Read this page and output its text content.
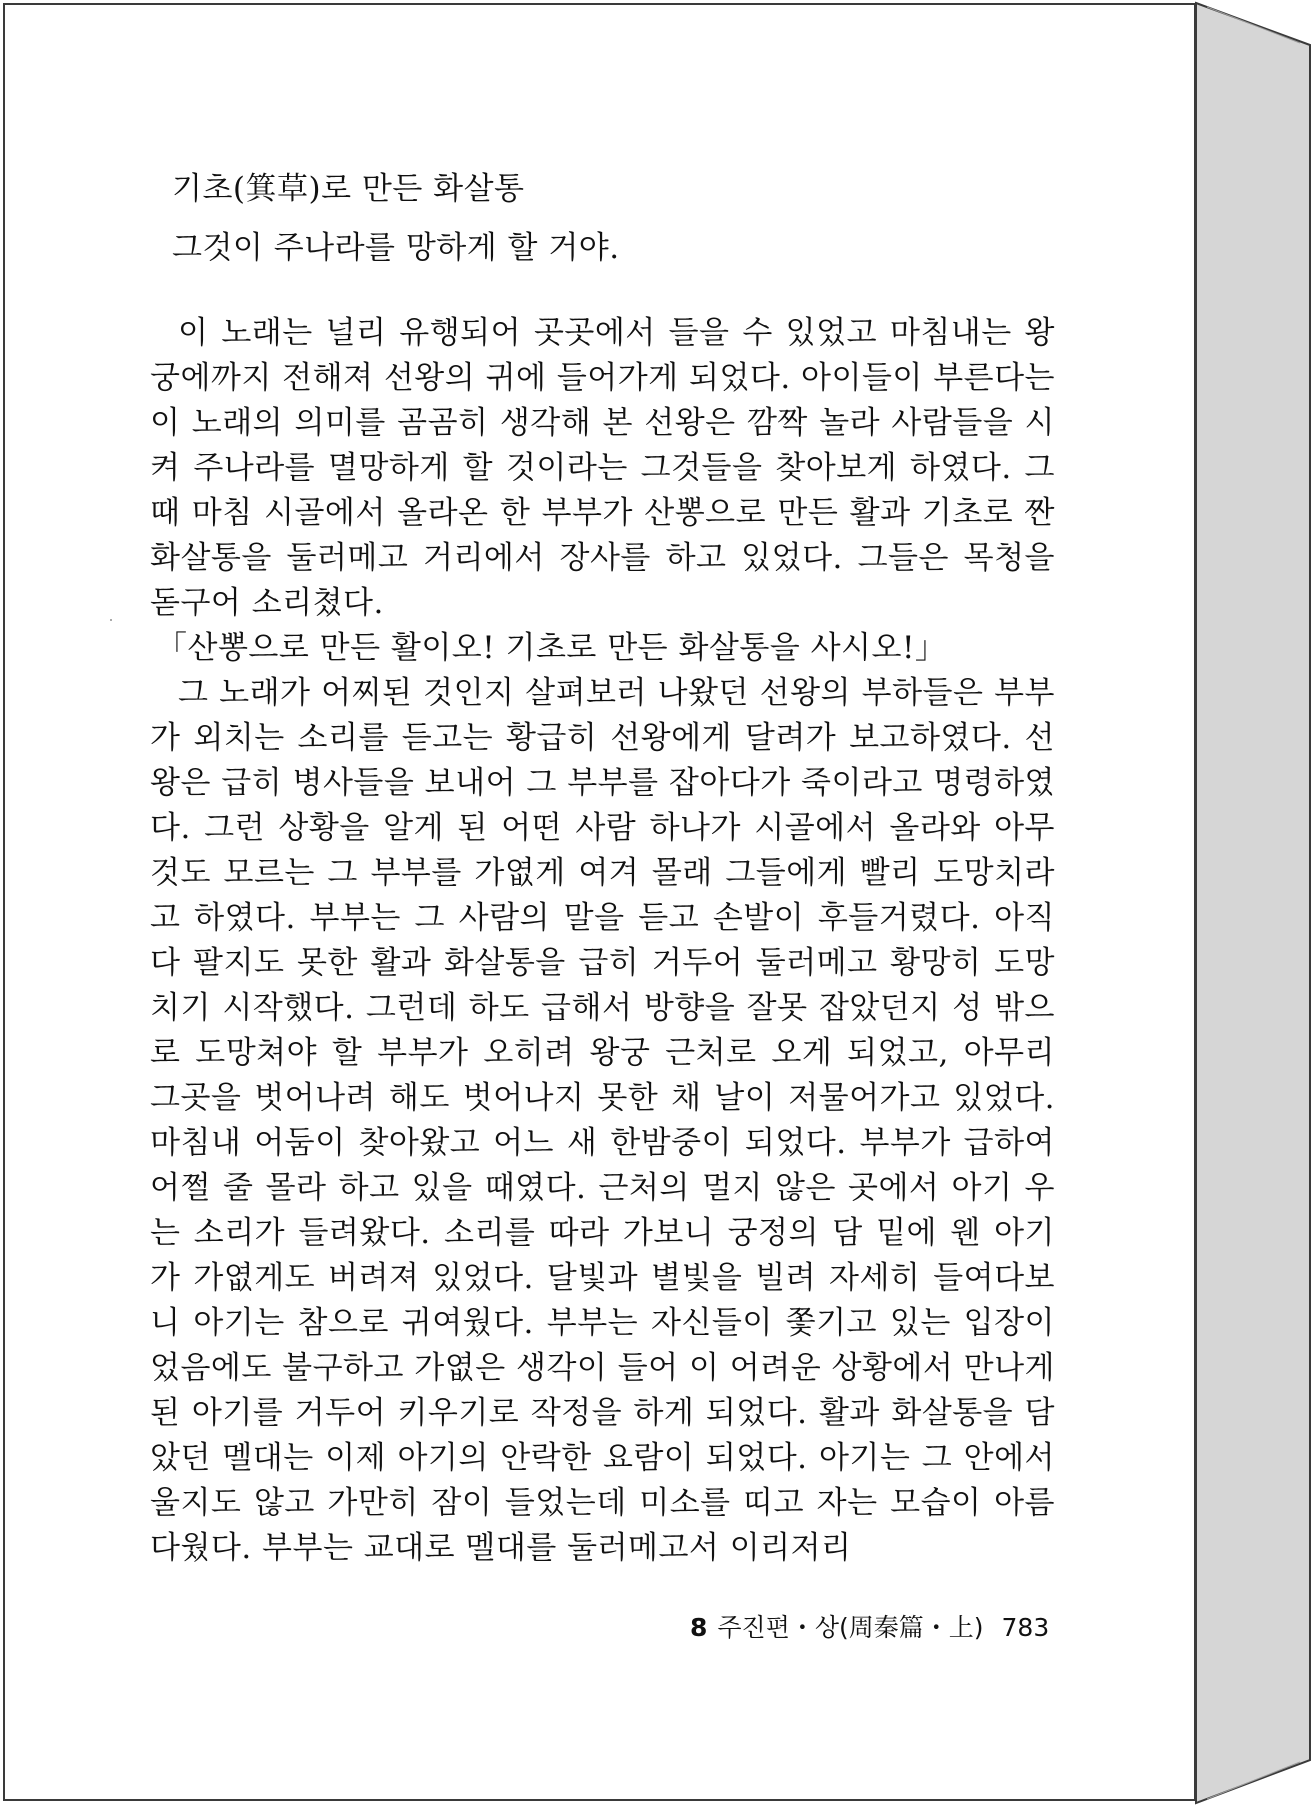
기초(箕草)로 만든 화살통
그것이 주나라를 망하게 할 거야.

이 노래는 널리 유행되어 곳곳에서 들을 수 있었고 마침내는 왕궁에까지 전해져 선왕의 귀에 들어가게 되었다. 아이들이 부른다는 이 노래의 의미를 곰곰히 생각해 본 선왕은 깜짝 놀라 사람들을 시켜 주나라를 멸망하게 할 것이라는 그것들을 찾아보게 하였다. 그때 마침 시골에서 올라온 한 부부가 산뽕으로 만든 활과 기초로 짠 화살통을 둘러메고 거리에서 장사를 하고 있었다. 그들은 목청을 돋구어 소리쳤다.

「산뽕으로 만든 활이오! 기초로 만든 화살통을 사시오!」

그 노래가 어찌된 것인지 살펴보러 나왔던 선왕의 부하들은 부부가 외치는 소리를 듣고는 황급히 선왕에게 달려가 보고하였다. 선왕은 급히 병사들을 보내어 그 부부를 잡아다가 죽이라고 명령하였다. 그런 상황을 알게 된 어떤 사람 하나가 시골에서 올라와 아무 것도 모르는 그 부부를 가엾게 여겨 몰래 그들에게 빨리 도망치라고 하였다. 부부는 그 사람의 말을 듣고 손발이 후들거렸다. 아직 다 팔지도 못한 활과 화살통을 급히 거두어 둘러메고 황망히 도망치기 시작했다. 그런데 하도 급해서 방향을 잘못 잡았던지 성 밖으로 도망쳐야 할 부부가 오히려 왕궁 근처로 오게 되었고, 아무리 그곳을 벗어나려 해도 벗어나지 못한 채 날이 저물어가고 있었다. 마침내 어둠이 찾아왔고 어느 새 한밤중이 되었다. 부부가 급하여 어쩔 줄 몰라 하고 있을 때였다. 근처의 멀지 않은 곳에서 아기 우는 소리가 들려왔다. 소리를 따라 가보니 궁정의 담 밑에 웬 아기가 가엾게도 버려져 있었다. 달빛과 별빛을 빌려 자세히 들여다보니 아기는 참으로 귀여웠다. 부부는 자신들이 쫓기고 있는 입장이었음에도 불구하고 가엾은 생각이 들어 이 어려운 상황에서 만나게 된 아기를 거두어 키우기로 작정을 하게 되었다. 활과 화살통을 담았던 멜대는 이제 아기의 안락한 요람이 되었다. 아기는 그 안에서 울지도 않고 가만히 잠이 들었는데 미소를 띠고 자는 모습이 아름다웠다. 부부는 교대로 멜대를 둘러메고서 이리저리

8 주진편・상(周秦篇・上) 783
